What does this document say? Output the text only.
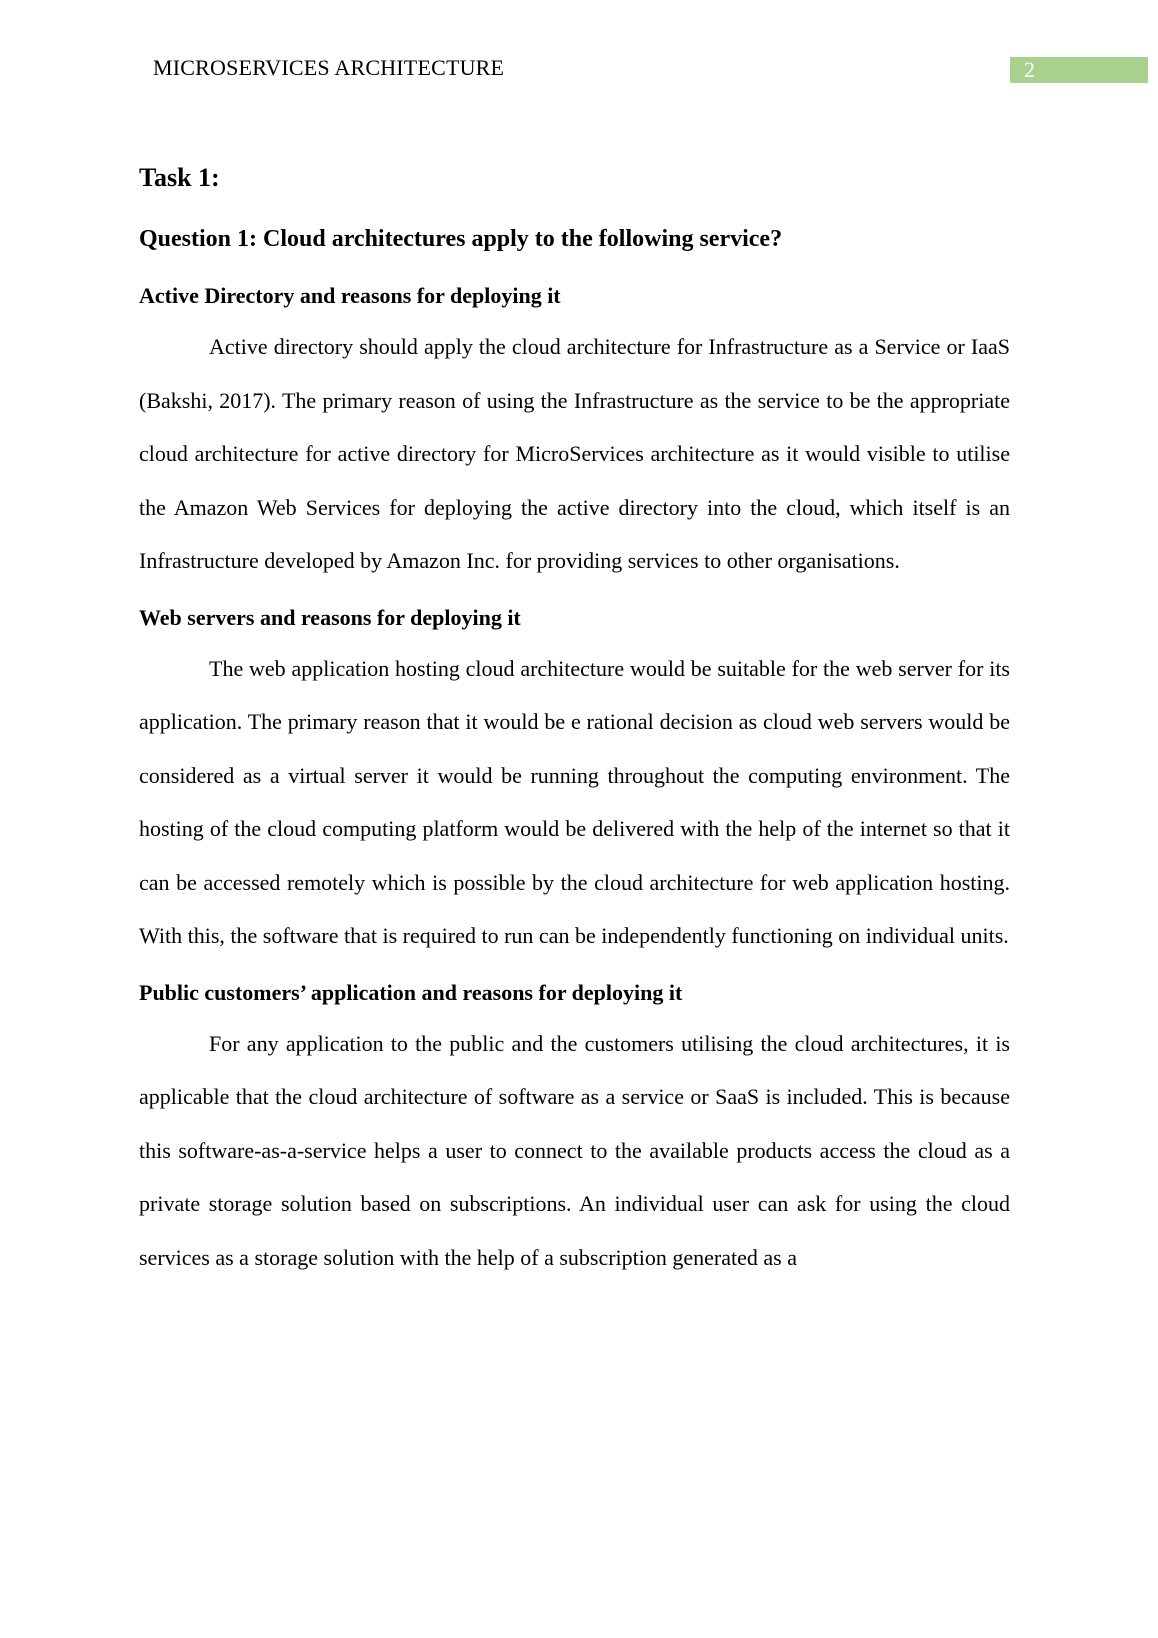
MICROSERVICES ARCHITECTURE	2
Task 1:
Question 1: Cloud architectures apply to the following service?
Active Directory and reasons for deploying it

Active directory should apply the cloud architecture for Infrastructure as a Service or IaaS (Bakshi, 2017). The primary reason of using the Infrastructure as the service to be the appropriate cloud architecture for active directory for MicroServices architecture as it would visible to utilise the Amazon Web Services for deploying the active directory into the cloud, which itself is an Infrastructure developed by Amazon Inc. for providing services to other organisations.

Web servers and reasons for deploying it

The web application hosting cloud architecture would be suitable for the web server for its application. The primary reason that it would be e rational decision as cloud web servers would be considered as a virtual server it would be running throughout the computing environment. The hosting of the cloud computing platform would be delivered with the help of the internet so that it can be accessed remotely which is possible by the cloud architecture for web application hosting. With this, the software that is required to run can be independently functioning on individual units.

Public customers’ application and reasons for deploying it

For any application to the public and the customers utilising the cloud architectures, it is applicable that the cloud architecture of software as a service or SaaS is included. This is because this software-as-a-service helps a user to connect to the available products access the cloud as a private storage solution based on subscriptions. An individual user can ask for using the cloud services as a storage solution with the help of a subscription generated as a
